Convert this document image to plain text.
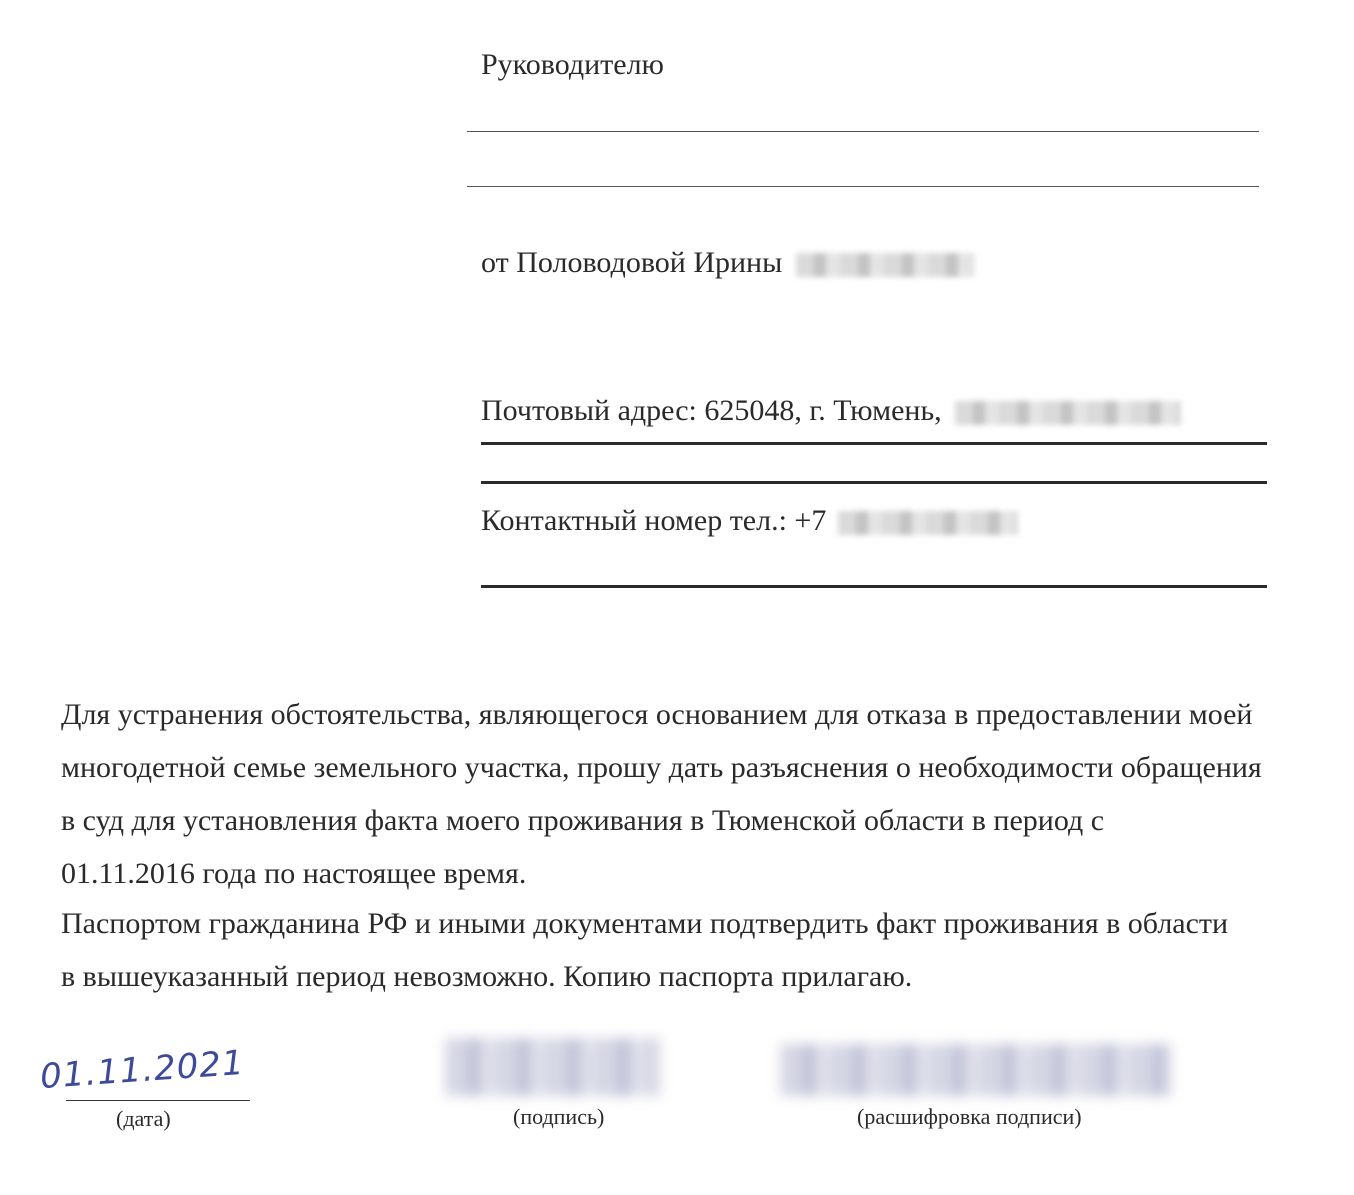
Руководителю
от Половодовой Ирины
Почтовый адрес: 625048, г. Тюмень,
Контактный номер тел.: +7
Для устранения обстоятельства, являющегося основанием для отказа в предоставлении моей
многодетной семье земельного участка, прошу дать разъяснения о необходимости обращения
в суд для установления факта моего проживания в Тюменской области в период с
01.11.2016 года по настоящее время.
Паспортом гражданина РФ и иными документами подтвердить факт проживания в области
в вышеуказанный период невозможно. Копию паспорта прилагаю.
01.11.2021
(дата)	(подпись)	(расшифровка подписи)
